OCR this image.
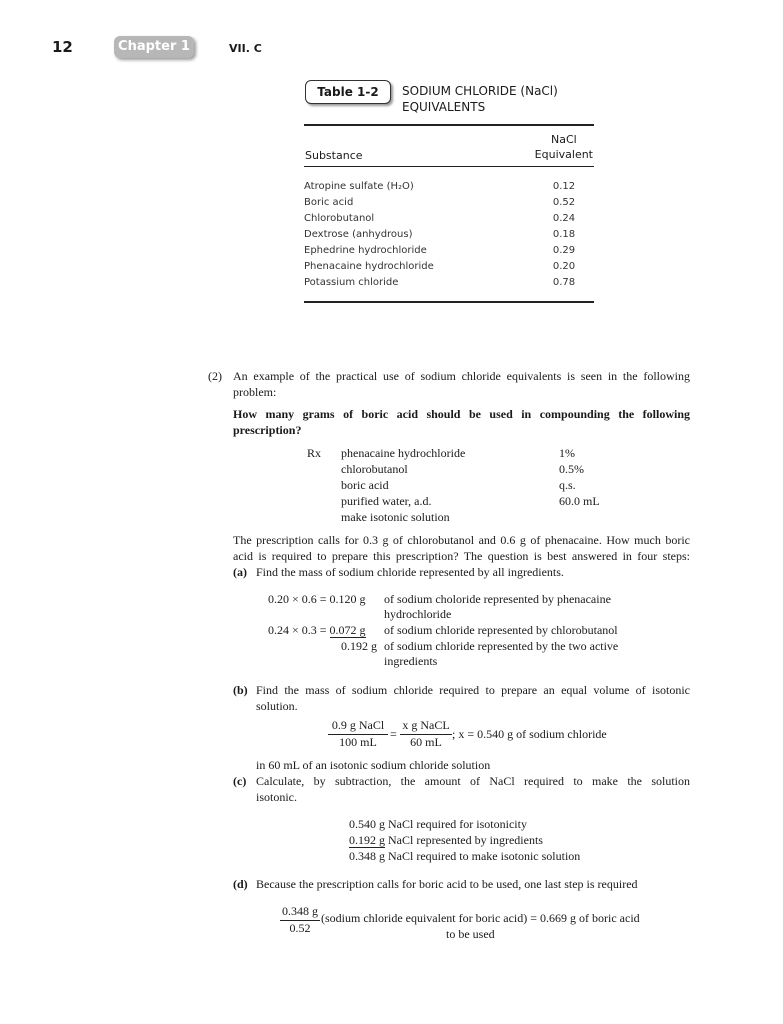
12	Chapter 1	VII. C
Table 1-2	SODIUM CHLORIDE (NaCl)
EQUIVALENTS
Substance
NaCl
Equivalent
Atropine sulfate (H₂O)	0.12
Boric acid	0.52
Chlorobutanol	0.24
Dextrose (anhydrous)	0.18
Ephedrine hydrochloride	0.29
Phenacaine hydrochloride	0.20
Potassium chloride	0.78
(2) An example of the practical use of sodium chloride equivalents is seen in the following
problem:
How many grams of boric acid should be used in compounding the following
prescription?
Rx phenacaine hydrochloride	1%
chlorobutanol	0.5%
boric acid	q.s.
purified water, a.d.	60.0 mL
make isotonic solution
The prescription calls for 0.3 g of chlorobutanol and 0.6 g of phenacaine. How much boric
acid is required to prepare this prescription? The question is best answered in four steps:
(a) Find the mass of sodium chloride represented by all ingredients.
0.20 × 0.6 = 0.120 g of sodium choloride represented by phenacaine
hydrochloride
0.24 × 0.3 = 0.072 g of sodium chloride represented by chlorobutanol
0.192 g of sodium chloride represented by the two active
ingredients
(b) Find the mass of sodium chloride required to prepare an equal volume of isotonic
solution.
0.9 g NaCl
100 mL
=
x g NaCL
60 mL
; x = 0.540 g of sodium chloride
in 60 mL of an isotonic sodium chloride solution
(c) Calculate, by subtraction, the amount of NaCl required to make the solution
isotonic.
0.540 g NaCl required for isotonicity
0.192 g NaCl represented by ingredients
0.348 g NaCl required to make isotonic solution
(d) Because the prescription calls for boric acid to be used, one last step is required
$\frac{0.348 g}{0.52}$ (sodium chloride equivalent for boric acid) = 0.669 g of boric acid
to be used
